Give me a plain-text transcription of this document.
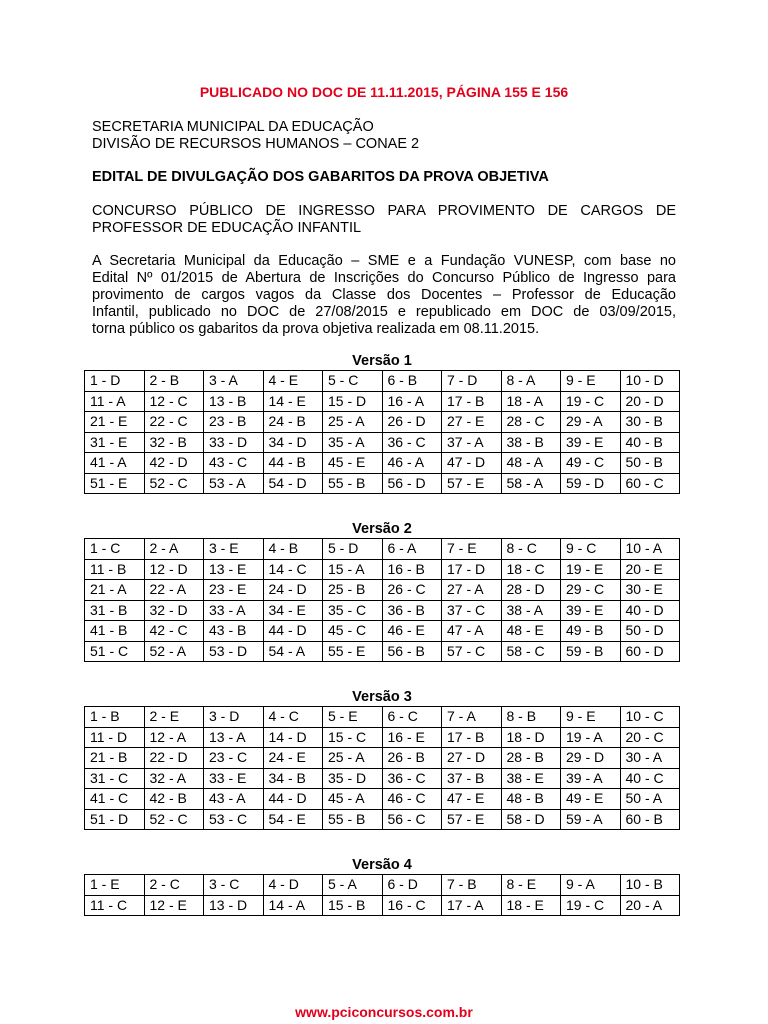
PUBLICADO NO DOC DE 11.11.2015, PÁGINA 155 E 156
SECRETARIA MUNICIPAL DA EDUCAÇÃO
DIVISÃO DE RECURSOS HUMANOS – CONAE 2
EDITAL DE DIVULGAÇÃO DOS GABARITOS DA PROVA OBJETIVA
CONCURSO PÚBLICO DE INGRESSO PARA PROVIMENTO DE CARGOS DE
PROFESSOR DE EDUCAÇÃO INFANTIL
A Secretaria Municipal da Educação – SME e a Fundação VUNESP, com base no
Edital Nº 01/2015 de Abertura de Inscrições do Concurso Público de Ingresso para
provimento de cargos vagos da Classe dos Docentes – Professor de Educação
Infantil, publicado no DOC de 27/08/2015 e republicado em DOC de 03/09/2015,
torna público os gabaritos da prova objetiva realizada em 08.11.2015.
Versão 1
1 - D	2 - B	3 - A	4 - E	5 - C	6 - B	7 - D	8 - A	9 - E	10 - D
11 - A	12 - C	13 - B	14 - E	15 - D	16 - A	17 - B	18 - A	19 - C	20 - D
21 - E	22 - C	23 - B	24 - B	25 - A	26 - D	27 - E	28 - C	29 - A	30 - B
31 - E	32 - B	33 - D	34 - D	35 - A	36 - C	37 - A	38 - B	39 - E	40 - B
41 - A	42 - D	43 - C	44 - B	45 - E	46 - A	47 - D	48 - A	49 - C	50 - B
51 - E	52 - C	53 - A	54 - D	55 - B	56 - D	57 - E	58 - A	59 - D	60 - C
Versão 2
1 - C	2 - A	3 - E	4 - B	5 - D	6 - A	7 - E	8 - C	9 - C	10 - A
11 - B	12 - D	13 - E	14 - C	15 - A	16 - B	17 - D	18 - C	19 - E	20 - E
21 - A	22 - A	23 - E	24 - D	25 - B	26 - C	27 - A	28 - D	29 - C	30 - E
31 - B	32 - D	33 - A	34 - E	35 - C	36 - B	37 - C	38 - A	39 - E	40 - D
41 - B	42 - C	43 - B	44 - D	45 - C	46 - E	47 - A	48 - E	49 - B	50 - D
51 - C	52 - A	53 - D	54 - A	55 - E	56 - B	57 - C	58 - C	59 - B	60 - D
Versão 3
1 - B	2 - E	3 - D	4 - C	5 - E	6 - C	7 - A	8 - B	9 - E	10 - C
11 - D	12 - A	13 - A	14 - D	15 - C	16 - E	17 - B	18 - D	19 - A	20 - C
21 - B	22 - D	23 - C	24 - E	25 - A	26 - B	27 - D	28 - B	29 - D	30 - A
31 - C	32 - A	33 - E	34 - B	35 - D	36 - C	37 - B	38 - E	39 - A	40 - C
41 - C	42 - B	43 - A	44 - D	45 - A	46 - C	47 - E	48 - B	49 - E	50 - A
51 - D	52 - C	53 - C	54 - E	55 - B	56 - C	57 - E	58 - D	59 - A	60 - B
Versão 4
1 - E	2 - C	3 - C	4 - D	5 - A	6 - D	7 - B	8 - E	9 - A	10 - B
11 - C	12 - E	13 - D	14 - A	15 - B	16 - C	17 - A	18 - E	19 - C	20 - A
www.pciconcursos.com.br
